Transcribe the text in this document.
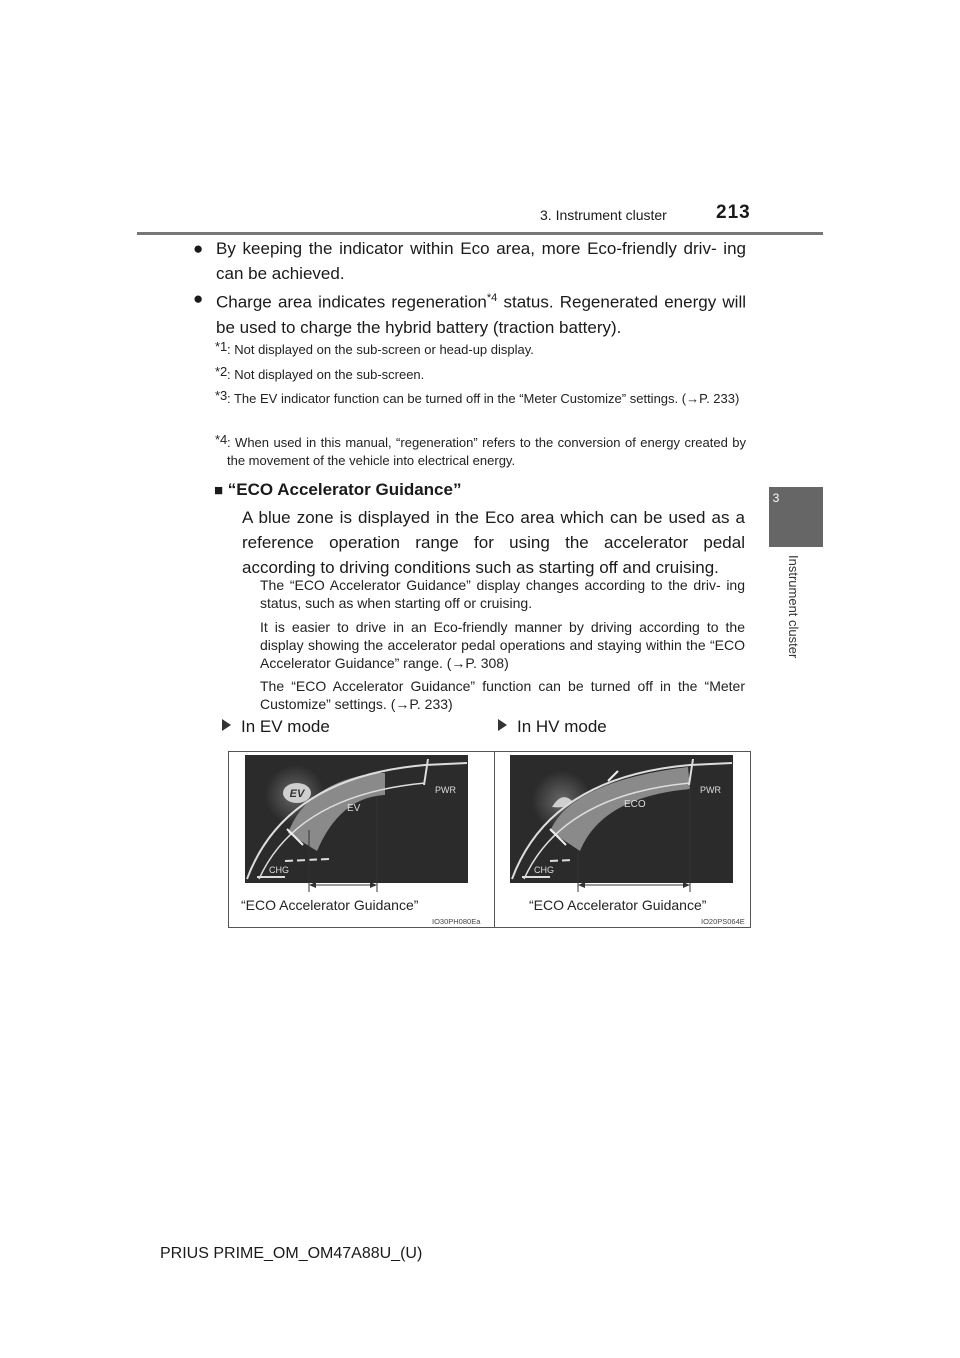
3. Instrument cluster	213
3
Instrument cluster
● By keeping the indicator within Eco area, more Eco-friendly driv- ing can be achieved.
● Charge area indicates regeneration$^{*4}$ status. Regenerated energy will be used to charge the hybrid battery (traction battery).
*1 : Not displayed on the sub-screen or head-up display.
*2 : Not displayed on the sub-screen.
*3 : The EV indicator function can be turned off in the “Meter Customize” settings. (→P. 233)
*4 : When used in this manual, “regeneration” refers to the conversion of energy created by the movement of the vehicle into electrical energy.
■ “ECO Accelerator Guidance”
A blue zone is displayed in the Eco area which can be used as a reference operation range for using the accelerator pedal according to driving conditions such as starting off and cruising.
The “ECO Accelerator Guidance” display changes according to the driv- ing status, such as when starting off or cruising.
It is easier to drive in an Eco-friendly manner by driving according to the display showing the accelerator pedal operations and staying within the “ECO Accelerator Guidance” range. (→P. 308)
The “ECO Accelerator Guidance” function can be turned off in the “Meter Customize” settings. (→P. 233)
In EV mode	In HV mode
EV
EV
PWR
CHG
“ECO Accelerator Guidance”
IO30PH080Ea
ECO
PWR
CHG
“ECO Accelerator Guidance”
IO20PS064E
PRIUS PRIME_OM_OM47A88U_(U)
